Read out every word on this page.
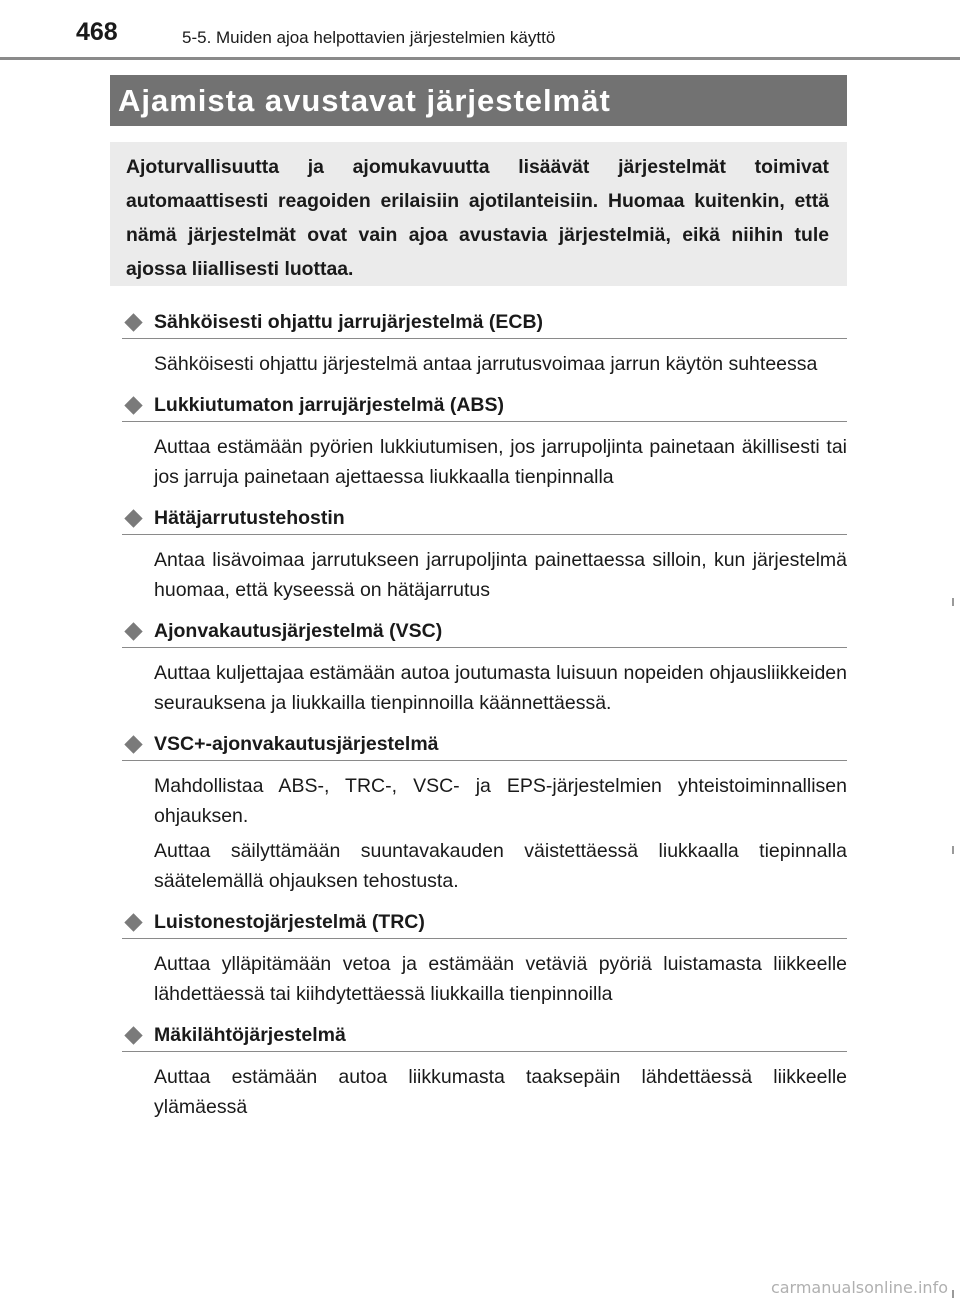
468	5-5. Muiden ajoa helpottavien järjestelmien käyttö
Ajamista avustavat järjestelmät

Ajoturvallisuutta ja ajomukavuutta lisäävät järjestelmät toimivat automaattisesti reagoiden erilaisiin ajotilanteisiin. Huomaa kuitenkin, että nämä järjestelmät ovat vain ajoa avustavia järjestelmiä, eikä niihin tule ajossa liiallisesti luottaa.

Sähköisesti ohjattu jarrujärjestelmä (ECB)

Sähköisesti ohjattu järjestelmä antaa jarrutusvoimaa jarrun käytön suhteessa

Lukkiutumaton jarrujärjestelmä (ABS)

Auttaa estämään pyörien lukkiutumisen, jos jarrupoljinta painetaan äkillisesti tai jos jarruja painetaan ajettaessa liukkaalla tienpinnalla

Hätäjarrutustehostin

Antaa lisävoimaa jarrutukseen jarrupoljinta painettaessa silloin, kun järjestelmä huomaa, että kyseessä on hätäjarrutus

Ajonvakautusjärjestelmä (VSC)

Auttaa kuljettajaa estämään autoa joutumasta luisuun nopeiden ohjausliikkeiden seurauksena ja liukkailla tienpinnoilla käännettäessä.

VSC+-ajonvakautusjärjestelmä

Mahdollistaa ABS-, TRC-, VSC- ja EPS-järjestelmien yhteistoiminnallisen ohjauksen.

Auttaa säilyttämään suuntavakauden väistettäessä liukkaalla tiepinnalla säätelemällä ohjauksen tehostusta.

Luistonestojärjestelmä (TRC)

Auttaa ylläpitämään vetoa ja estämään vetäviä pyöriä luistamasta liikkeelle lähdettäessä tai kiihdytettäessä liukkailla tienpinnoilla

Mäkilähtöjärjestelmä

Auttaa estämään autoa liikkumasta taaksepäin lähdettäessä liikkeelle ylämäessä

carmanualsonline.info
